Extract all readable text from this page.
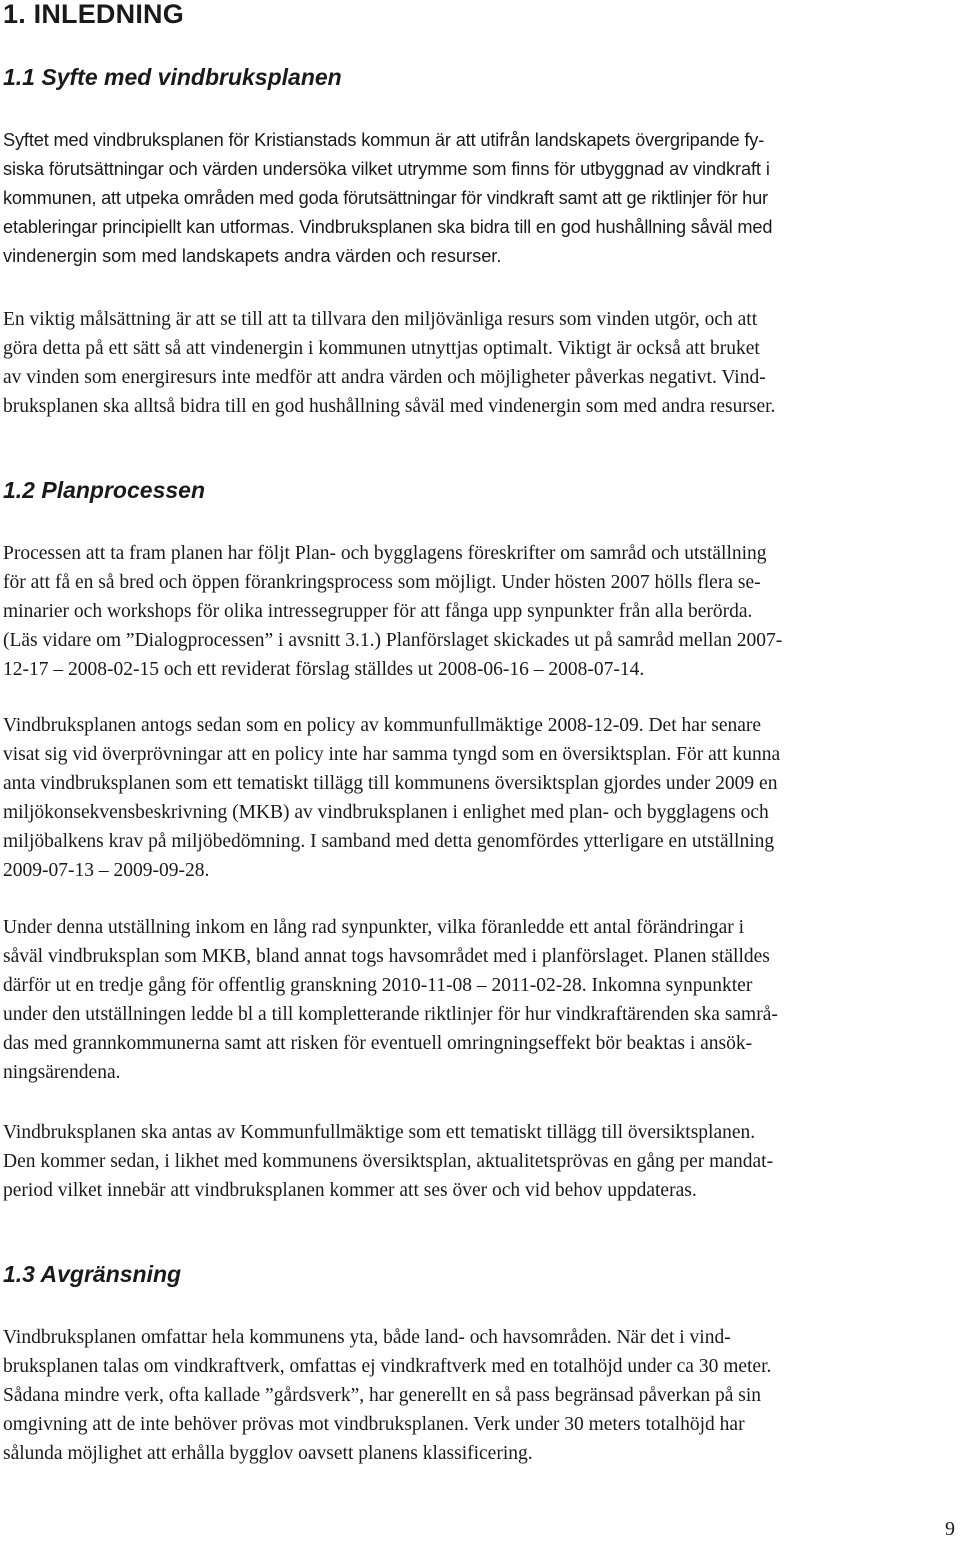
1. INLEDNING
1.1 Syfte med vindbruksplanen

Syftet med vindbruksplanen för Kristianstads kommun är att utifrån landskapets övergripande fy-
siska förutsättningar och värden undersöka vilket utrymme som finns för utbyggnad av vindkraft i
kommunen, att utpeka områden med goda förutsättningar för vindkraft samt att ge riktlinjer för hur
etableringar principiellt kan utformas. Vindbruksplanen ska bidra till en god hushållning såväl med
vindenergin som med landskapets andra värden och resurser.

En viktig målsättning är att se till att ta tillvara den miljövänliga resurs som vinden utgör, och att
göra detta på ett sätt så att vindenergin i kommunen utnyttjas optimalt. Viktigt är också att bruket
av vinden som energiresurs inte medför att andra värden och möjligheter påverkas negativt. Vind-
bruksplanen ska alltså bidra till en god hushållning såväl med vindenergin som med andra resurser.

1.2 Planprocessen

Processen att ta fram planen har följt Plan- och bygglagens föreskrifter om samråd och utställning
för att få en så bred och öppen förankringsprocess som möjligt. Under hösten 2007 hölls flera se-
minarier och workshops för olika intressegrupper för att fånga upp synpunkter från alla berörda.
(Läs vidare om ”Dialogprocessen” i avsnitt 3.1.) Planförslaget skickades ut på samråd mellan 2007-
12-17 – 2008-02-15 och ett reviderat förslag ställdes ut 2008-06-16 – 2008-07-14.

Vindbruksplanen antogs sedan som en policy av kommunfullmäktige 2008-12-09. Det har senare
visat sig vid överprövningar att en policy inte har samma tyngd som en översiktsplan. För att kunna
anta vindbruksplanen som ett tematiskt tillägg till kommunens översiktsplan gjordes under 2009 en
miljökonsekvensbeskrivning (MKB) av vindbruksplanen i enlighet med plan- och bygglagens och
miljöbalkens krav på miljöbedömning. I samband med detta genomfördes ytterligare en utställning
2009-07-13 – 2009-09-28.

Under denna utställning inkom en lång rad synpunkter, vilka föranledde ett antal förändringar i
såväl vindbruksplan som MKB, bland annat togs havsområdet med i planförslaget. Planen ställdes
därför ut en tredje gång för offentlig granskning 2010-11-08 – 2011-02-28. Inkomna synpunkter
under den utställningen ledde bl a till kompletterande riktlinjer för hur vindkraftärenden ska samrå-
das med grannkommunerna samt att risken för eventuell omringningseffekt bör beaktas i ansök-
ningsärendena.

Vindbruksplanen ska antas av Kommunfullmäktige som ett tematiskt tillägg till översiktsplanen.
Den kommer sedan, i likhet med kommunens översiktsplan, aktualitetsprövas en gång per mandat-
period vilket innebär att vindbruksplanen kommer att ses över och vid behov uppdateras.

1.3 Avgränsning

Vindbruksplanen omfattar hela kommunens yta, både land- och havsområden. När det i vind-
bruksplanen talas om vindkraftverk, omfattas ej vindkraftverk med en totalhöjd under ca 30 meter.
Sådana mindre verk, ofta kallade ”gårdsverk”, har generellt en så pass begränsad påverkan på sin
omgivning att de inte behöver prövas mot vindbruksplanen. Verk under 30 meters totalhöjd har
sålunda möjlighet att erhålla bygglov oavsett planens klassificering.

9
